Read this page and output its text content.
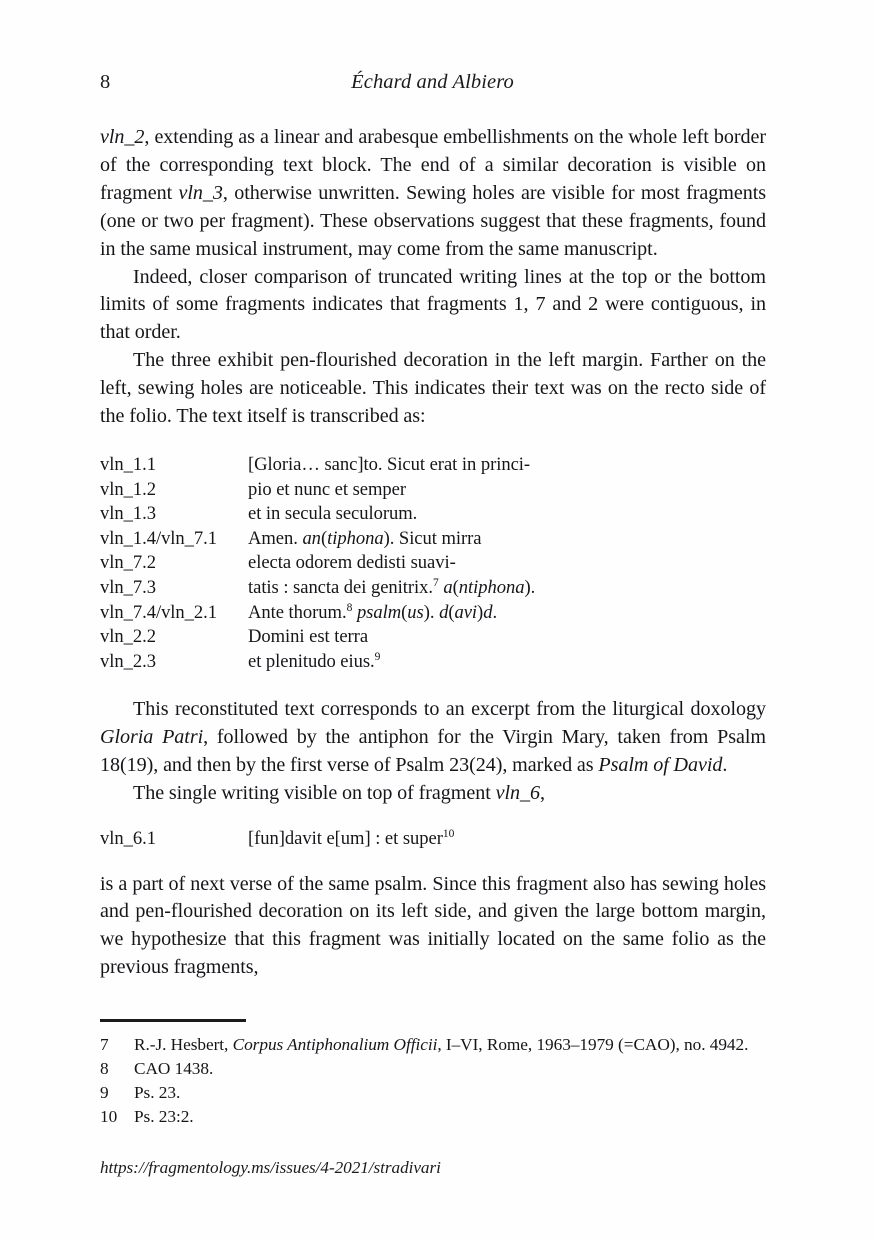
8	Échard and Albiero

vln_2, extending as a linear and arabesque embellishments on the whole left border of the corresponding text block. The end of a similar decoration is visible on fragment vln_3, otherwise unwritten. Sewing holes are visible for most fragments (one or two per fragment). These observations suggest that these fragments, found in the same musical instrument, may come from the same manuscript.

Indeed, closer comparison of truncated writing lines at the top or the bottom limits of some fragments indicates that fragments 1, 7 and 2 were contiguous, in that order.

The three exhibit pen-flourished decoration in the left margin. Farther on the left, sewing holes are noticeable. This indicates their text was on the recto side of the folio. The text itself is transcribed as:

vln_1.1	[Gloria… sanc]to. Sicut erat in princi-
vln_1.2	pio et nunc et semper
vln_1.3	et in secula seculorum.
vln_1.4/vln_7.1 Amen. an(tiphona). Sicut mirra
vln_7.2	electa odorem dedisti suavi-
vln_7.3	tatis : sancta dei genitrix.$^7$ a(ntiphona).
vln_7.4/vln_2.1 Ante thorum.$^8$ psalm(us). d(avi)d.
vln_2.2	Domini est terra
vln_2.3	et plenitudo eius.$^9$

This reconstituted text corresponds to an excerpt from the liturgical doxology Gloria Patri, followed by the antiphon for the Virgin Mary, taken from Psalm 18(19), and then by the first verse of Psalm 23(24), marked as Psalm of David.

The single writing visible on top of fragment vln_6,

vln_6.1	[fun]davit e[um] : et super$^{10}$

is a part of next verse of the same psalm. Since this fragment also has sewing holes and pen-flourished decoration on its left side, and given the large bottom margin, we hypothesize that this fragment was initially located on the same folio as the previous fragments,

7	R.-J. Hesbert, Corpus Antiphonalium Officii, I–VI, Rome, 1963–1979 (=CAO), no. 4942.
8	CAO 1438.
9	Ps. 23.
10 Ps. 23:2.
https://fragmentology.ms/issues/4-2021/stradivari
